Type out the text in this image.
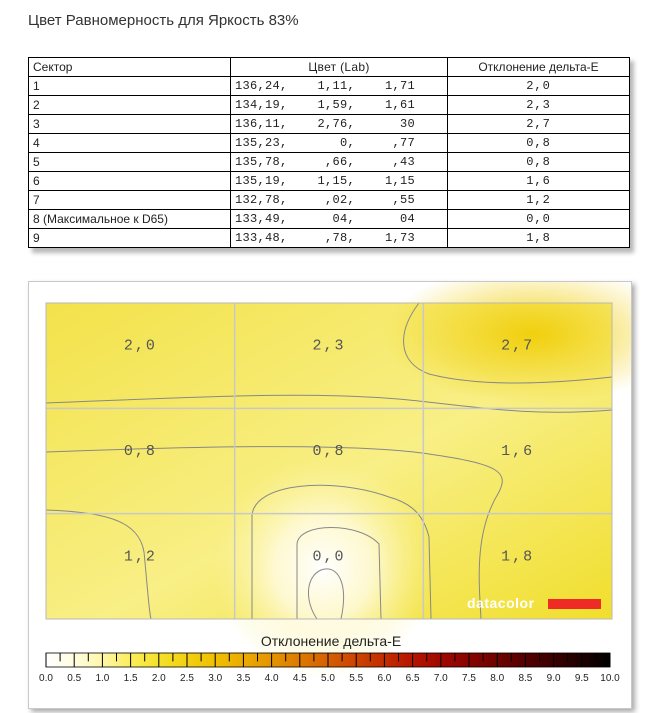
Цвет Равномерность для Яркость 83%
Сектор	Цвет (Lab)	Отклонение дельта-E
1	136,24,    1,11,    1,71	2,0
2	134,19,    1,59,    1,61	2,3
3	136,11,    2,76,      30	2,7
4	135,23,       0,     ,77	0,8
5	135,78,     ,66,     ,43	0,8
6	135,19,    1,15,    1,15	1,6
7	132,78,     ,02,     ,55	1,2
8 (Максимальное к D65)	133,49,      04,      04	0,0
9	133,48,     ,78,    1,73	1,8
2,0	2,3	2,7
0,8	0,8	1,6
1,2	0,0	1,8
datacolor
Отклонение дельта-E
0.0 0.5 1.0 1.5 2.0 2.5 3.0 3.5 4.0 4.5 5.0 5.5 6.0 6.5 7.0 7.5 8.0 8.5 9.0 9.5 10.0
